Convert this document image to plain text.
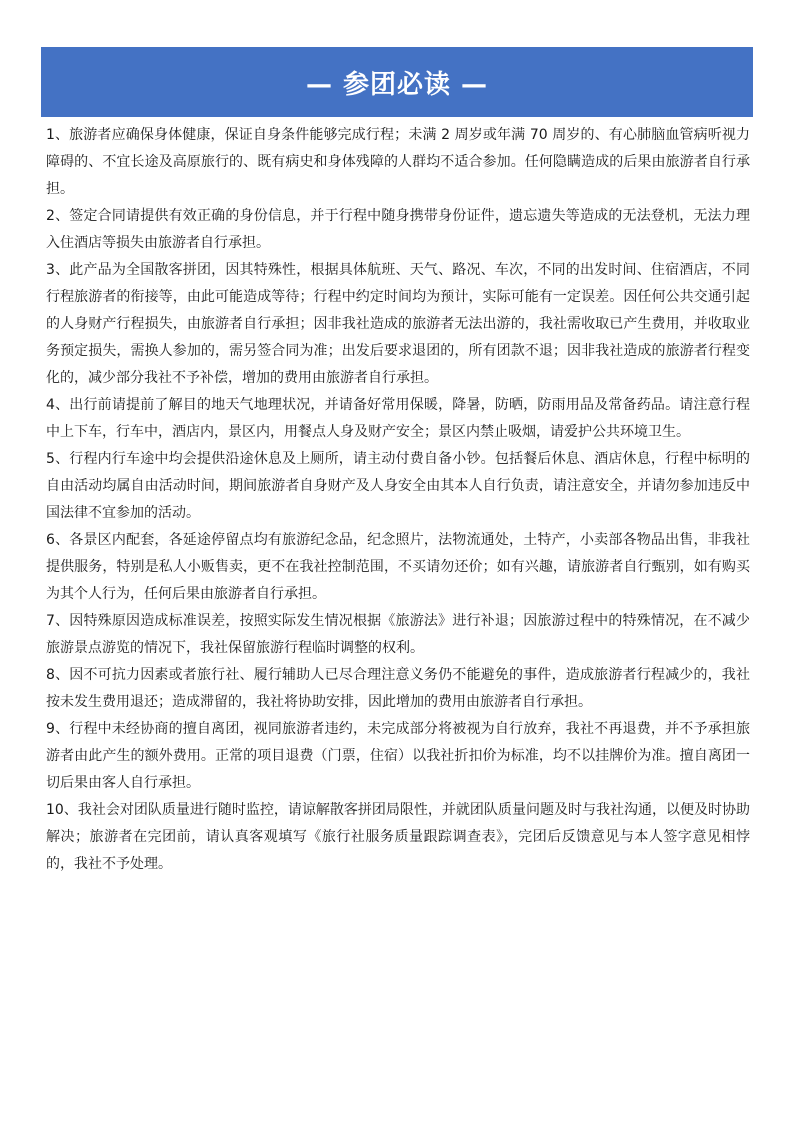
— 参团必读 —
1、旅游者应确保身体健康，保证自身条件能够完成行程；未满 2 周岁或年满 70 周岁的、有心肺脑血管病听视力障碍的、不宜长途及高原旅行的、既有病史和身体残障的人群均不适合参加。任何隐瞒造成的后果由旅游者自行承担。
2、签定合同请提供有效正确的身份信息，并于行程中随身携带身份证件，遗忘遗失等造成的无法登机，无法力理入住酒店等损失由旅游者自行承担。
3、此产品为全国散客拼团，因其特殊性，根据具体航班、天气、路况、车次，不同的出发时间、住宿酒店，不同行程旅游者的衔接等，由此可能造成等待；行程中约定时间均为预计，实际可能有一定误差。因任何公共交通引起的人身财产行程损失，由旅游者自行承担；因非我社造成的旅游者无法出游的，我社需收取已产生费用，并收取业务预定损失，需换人参加的，需另签合同为准；出发后要求退团的，所有团款不退；因非我社造成的旅游者行程变化的，减少部分我社不予补偿，增加的费用由旅游者自行承担。
4、出行前请提前了解目的地天气地理状况，并请备好常用保暖，降暑，防晒，防雨用品及常备药品。请注意行程中上下车，行车中，酒店内，景区内，用餐点人身及财产安全；景区内禁止吸烟，请爱护公共环境卫生。
5、行程内行车途中均会提供沿途休息及上厕所，请主动付费自备小钞。包括餐后休息、酒店休息，行程中标明的自由活动均属自由活动时间，期间旅游者自身财产及人身安全由其本人自行负责，请注意安全，并请勿参加违反中国法律不宜参加的活动。
6、各景区内配套，各延途停留点均有旅游纪念品，纪念照片，法物流通处，土特产，小卖部各物品出售，非我社提供服务，特别是私人小贩售卖，更不在我社控制范围，不买请勿还价；如有兴趣，请旅游者自行甄别，如有购买为其个人行为，任何后果由旅游者自行承担。
7、因特殊原因造成标准误差，按照实际发生情况根据《旅游法》进行补退；因旅游过程中的特殊情况，在不减少旅游景点游览的情况下，我社保留旅游行程临时调整的权利。
8、因不可抗力因素或者旅行社、履行辅助人已尽合理注意义务仍不能避免的事件，造成旅游者行程减少的，我社按未发生费用退还；造成滞留的，我社将协助安排，因此增加的费用由旅游者自行承担。
9、行程中未经协商的擅自离团，视同旅游者违约，未完成部分将被视为自行放弃，我社不再退费，并不予承担旅游者由此产生的额外费用。正常的项目退费（门票，住宿）以我社折扣价为标准，均不以挂牌价为准。擅自离团一切后果由客人自行承担。
10、我社会对团队质量进行随时监控，请谅解散客拼团局限性，并就团队质量问题及时与我社沟通，以便及时协助解决；旅游者在完团前，请认真客观填写《旅行社服务质量跟踪调查表》，完团后反馈意见与本人签字意见相悖的，我社不予处理。
